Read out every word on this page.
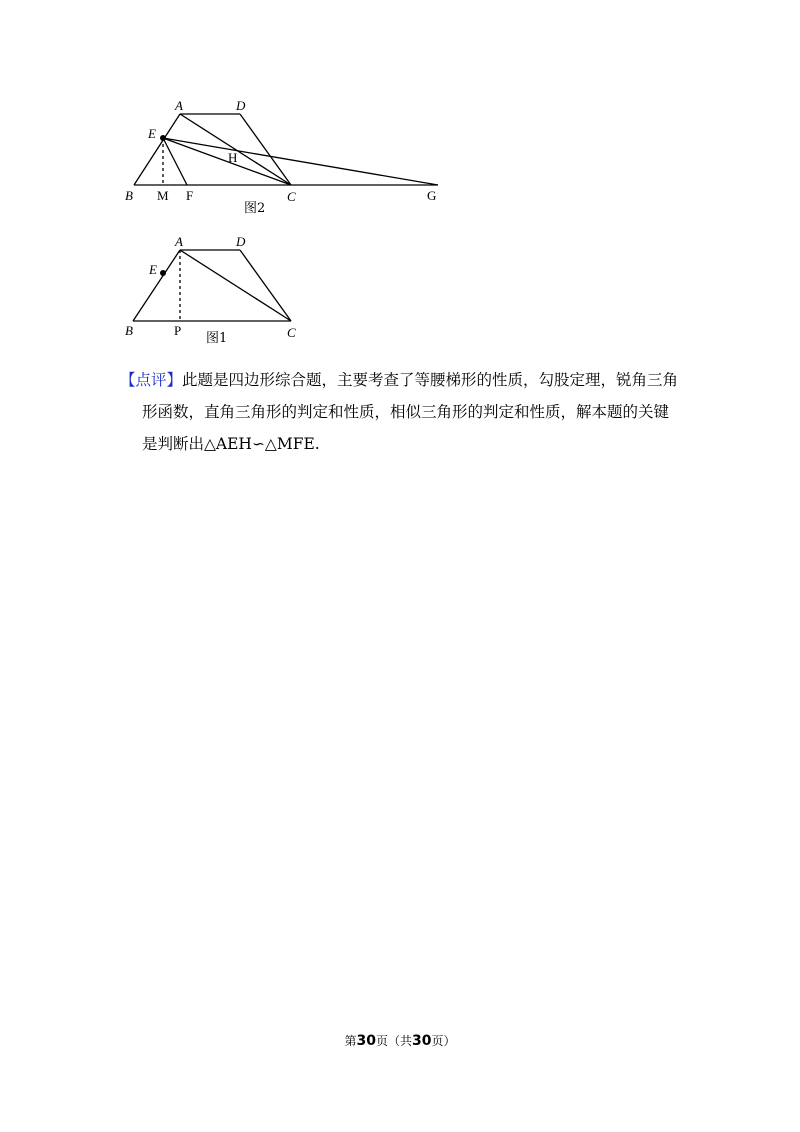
A	D
E
H
B M F	C	G
图2
A	D
E
B	P	C
图1

【点评】此题是四边形综合题，主要考查了等腰梯形的性质，勾股定理，锐角三角

形函数，直角三角形的判定和性质，相似三角形的判定和性质，解本题的关键

是判断出△AEH∽△MFE.

第30页（共30页）
